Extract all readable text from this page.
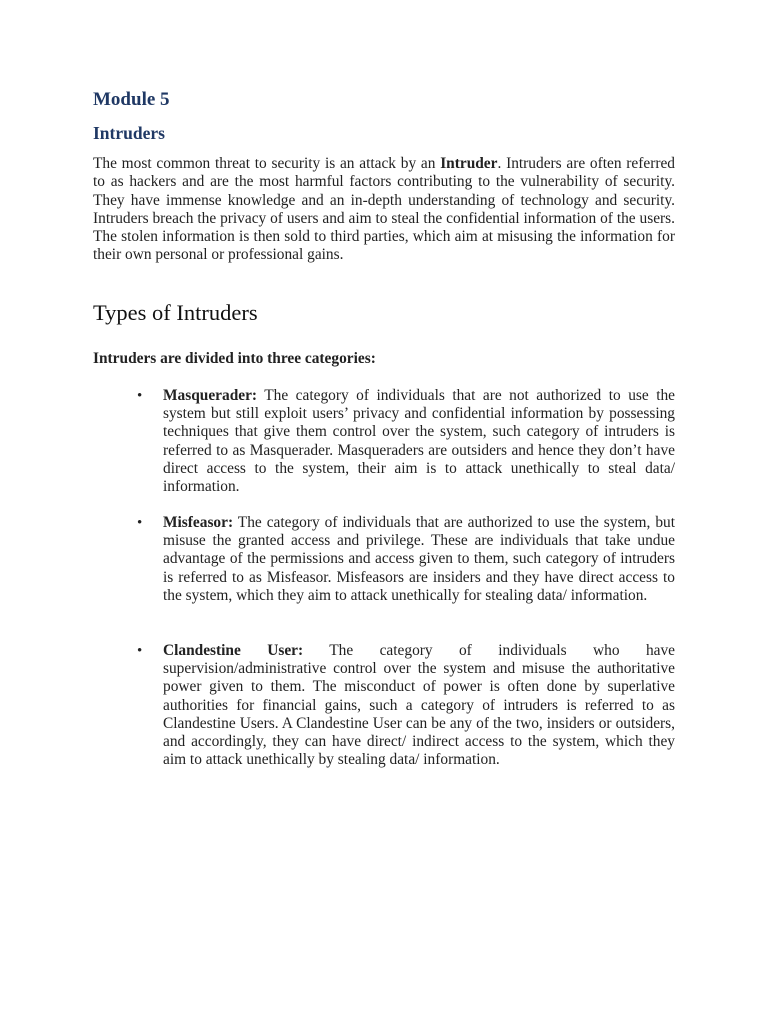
Module 5
Intruders

The most common threat to security is an attack by an Intruder. Intruders are often referred to as hackers and are the most harmful factors contributing to the vulnerability of security. They have immense knowledge and an in-depth understanding of technology and security. Intruders breach the privacy of users and aim to steal the confidential information of the users. The stolen information is then sold to third parties, which aim at misusing the information for their own personal or professional gains.

Types of Intruders

Intruders are divided into three categories:

• Masquerader: The category of individuals that are not authorized to use the system but still exploit users’ privacy and confidential information by possessing techniques that give them control over the system, such category of intruders is referred to as Masquerader. Masqueraders are outsiders and hence they don’t have direct access to the system, their aim is to attack unethically to steal data/ information.
• Misfeasor: The category of individuals that are authorized to use the system, but misuse the granted access and privilege. These are individuals that take undue advantage of the permissions and access given to them, such category of intruders is referred to as Misfeasor. Misfeasors are insiders and they have direct access to the system, which they aim to attack unethically for stealing data/ information.
• Clandestine User: The category of individuals who have supervision/administrative control over the system and misuse the authoritative power given to them. The misconduct of power is often done by superlative authorities for financial gains, such a category of intruders is referred to as Clandestine Users. A Clandestine User can be any of the two, insiders or outsiders, and accordingly, they can have direct/ indirect access to the system, which they aim to attack unethically by stealing data/ information.
